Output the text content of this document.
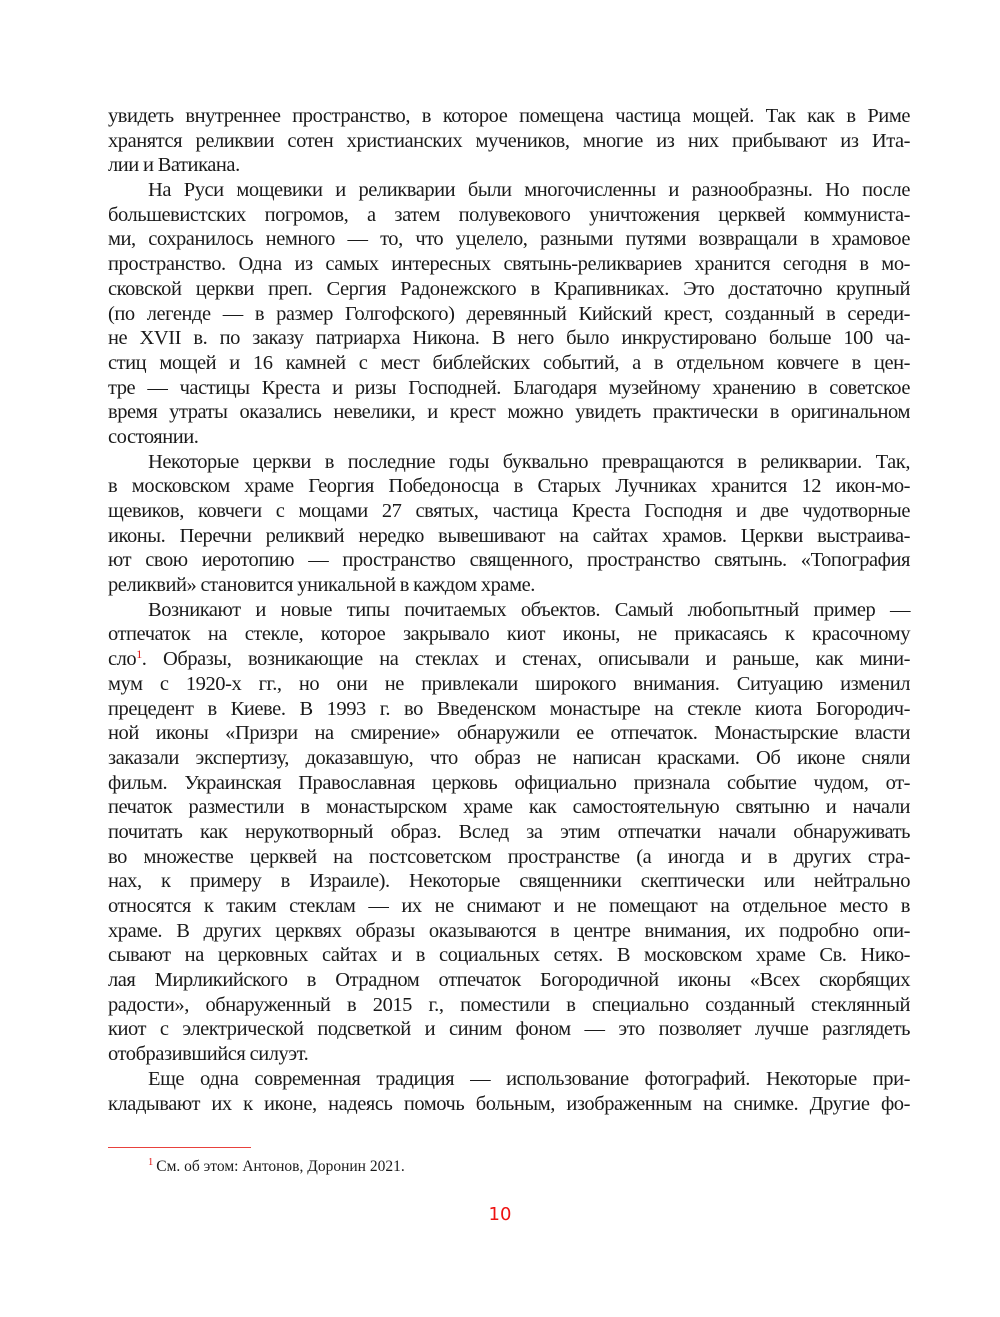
увидеть внутреннее пространство, в которое помещена частица мощей. Так как в Риме
хранятся реликвии сотен христианских мучеников, многие из них прибывают из Ита-
лии и Ватикана.
На Руси мощевики и реликварии были многочисленны и разнообразны. Но после
большевистских погромов, а затем полувекового уничтожения церквей коммуниста-
ми, сохранилось немного — то, что уцелело, разными путями возвращали в храмовое
пространство. Одна из самых интересных святынь-реликвариев хранится сегодня в мо-
сковской церкви преп. Сергия Радонежского в Крапивниках. Это достаточно крупный
(по легенде — в размер Голгофского) деревянный Кийский крест, созданный в середи-
не XVII в. по заказу патриарха Никона. В него было инкрустировано больше 100 ча-
стиц мощей и 16 камней с мест библейских событий, а в отдельном ковчеге в цен-
тре — частицы Креста и ризы Господней. Благодаря музейному хранению в советское
время утраты оказались невелики, и крест можно увидеть практически в оригинальном
состоянии.
Некоторые церкви в последние годы буквально превращаются в реликварии. Так,
в московском храме Георгия Победоносца в Старых Лучниках хранится 12 икон-мо-
щевиков, ковчеги с мощами 27 святых, частица Креста Господня и две чудотворные
иконы. Перечни реликвий нередко вывешивают на сайтах храмов. Церкви выстраива-
ют свою иеротопию — пространство священного, пространство святынь. «Топография
реликвий» становится уникальной в каждом храме.
Возникают и новые типы почитаемых объектов. Самый любопытный пример —
отпечаток на стекле, которое закрывало киот иконы, не прикасаясь к красочному
сло$^1$. Образы, возникающие на стеклах и стенах, описывали и раньше, как мини-
мум с 1920-х гг., но они не привлекали широкого внимания. Ситуацию изменил
прецедент в Киеве. В 1993 г. во Введенском монастыре на стекле киота Богородич-
ной иконы «Призри на смирение» обнаружили ее отпечаток. Монастырские власти
заказали экспертизу, доказавшую, что образ не написан красками. Об иконе сняли
фильм. Украинская Православная церковь официально признала событие чудом, от-
печаток разместили в монастырском храме как самостоятельную святыню и начали
почитать как нерукотворный образ. Вслед за этим отпечатки начали обнаруживать
во множестве церквей на постсоветском пространстве (а иногда и в других стра-
нах, к примеру в Израиле). Некоторые священники скептически или нейтрально
относятся к таким стеклам — их не снимают и не помещают на отдельное место в
храме. В других церквях образы оказываются в центре внимания, их подробно опи-
сывают на церковных сайтах и в социальных сетях. В московском храме Св. Нико-
лая Мирликийского в Отрадном отпечаток Богородичной иконы «Всех скорбящих
радости», обнаруженный в 2015 г., поместили в специально созданный стеклянный
киот с электрической подсветкой и синим фоном — это позволяет лучше разглядеть
отобразившийся силуэт.
Еще одна современная традиция — использование фотографий. Некоторые при-
кладывают их к иконе, надеясь помочь больным, изображенным на снимке. Другие фо-
$^1$ См. об этом: Антонов, Доронин 2021.
10
